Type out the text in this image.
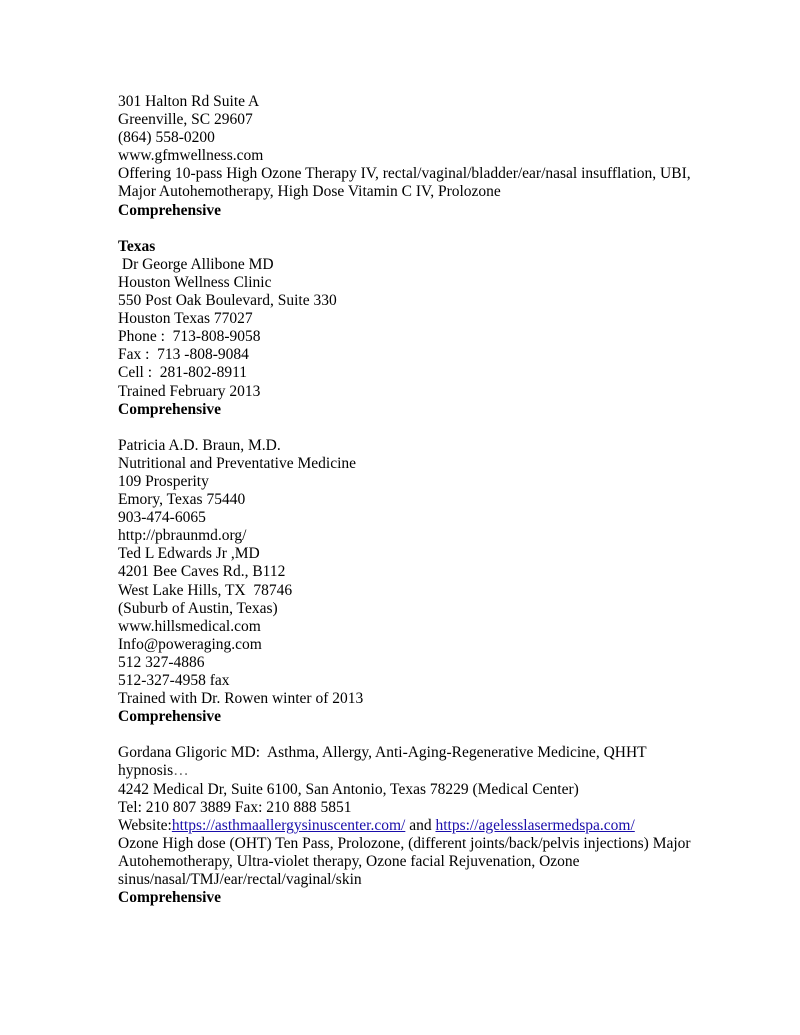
301 Halton Rd Suite A
Greenville, SC 29607
(864) 558-0200
www.gfmwellness.com
Offering 10-pass High Ozone Therapy IV, rectal/vaginal/bladder/ear/nasal insufflation, UBI,
Major Autohemotherapy, High Dose Vitamin C IV, Prolozone
Comprehensive
Texas
Dr George Allibone MD
Houston Wellness Clinic
550 Post Oak Boulevard, Suite 330
Houston Texas 77027
Phone :  713-808-9058
Fax :  713 -808-9084
Cell :  281-802-8911
Trained February 2013
Comprehensive
Patricia A.D. Braun, M.D.
Nutritional and Preventative Medicine
109 Prosperity
Emory, Texas 75440
903-474-6065
http://pbraunmd.org/
Ted L Edwards Jr ,MD
4201 Bee Caves Rd., B112
West Lake Hills, TX  78746
(Suburb of Austin, Texas)
www.hillsmedical.com
Info@poweraging.com
512 327-4886
512-327-4958 fax
Trained with Dr. Rowen winter of 2013
Comprehensive
Gordana Gligoric MD:  Asthma, Allergy, Anti-Aging-Regenerative Medicine, QHHT
hypnosis…
4242 Medical Dr, Suite 6100, San Antonio, Texas 78229 (Medical Center)
Tel: 210 807 3889 Fax: 210 888 5851
Website:https://asthmaallergysinuscenter.com/ and https://agelesslasermedspa.com/
Ozone High dose (OHT) Ten Pass, Prolozone, (different joints/back/pelvis injections) Major
Autohemotherapy, Ultra-violet therapy, Ozone facial Rejuvenation, Ozone
sinus/nasal/TMJ/ear/rectal/vaginal/skin
Comprehensive
